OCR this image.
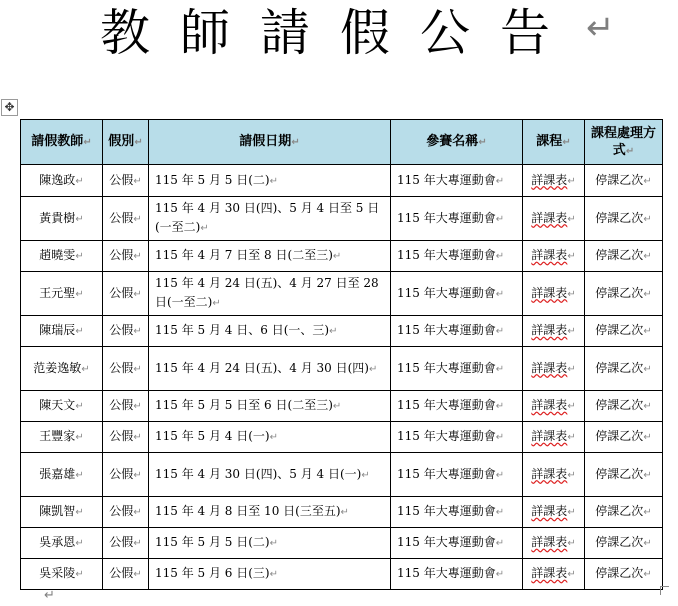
教師請假公告 ↵
✥
請假教師↵	假別↵	請假日期↵	參賽名稱↵	課程↵	課程處理方式↵
陳逸政↵	公假↵	115 年 5 月 5 日(二)↵	115 年大專運動會↵	詳課表↵	停課乙次↵
黃貴樹↵	公假↵	115 年 4 月 30 日(四)、5 月 4 日至 5 日(一至二)↵	115 年大專運動會↵	詳課表↵	停課乙次↵
趙曉雯↵	公假↵	115 年 4 月 7 日至 8 日(二至三)↵	115 年大專運動會↵	詳課表↵	停課乙次↵
王元聖↵	公假↵	115 年 4 月 24 日(五)、4 月 27 日至 28 日(一至二)↵	115 年大專運動會↵	詳課表↵	停課乙次↵
陳瑞辰↵	公假↵	115 年 5 月 4 日、6 日(一、三)↵	115 年大專運動會↵	詳課表↵	停課乙次↵
范姜逸敏↵	公假↵	115 年 4 月 24 日(五)、4 月 30 日(四)↵	115 年大專運動會↵	詳課表↵	停課乙次↵
陳天文↵	公假↵	115 年 5 月 5 日至 6 日(二至三)↵	115 年大專運動會↵	詳課表↵	停課乙次↵
王豐家↵	公假↵	115 年 5 月 4 日(一)↵	115 年大專運動會↵	詳課表↵	停課乙次↵
張嘉雄↵	公假↵	115 年 4 月 30 日(四)、5 月 4 日(一)↵	115 年大專運動會↵	詳課表↵	停課乙次↵
陳凱智↵	公假↵	115 年 4 月 8 日至 10 日(三至五)↵	115 年大專運動會↵	詳課表↵	停課乙次↵
吳承恩↵	公假↵	115 年 5 月 5 日(二)↵	115 年大專運動會↵	詳課表↵	停課乙次↵
吳采陵↵	公假↵	115 年 5 月 6 日(三)↵	115 年大專運動會↵	詳課表↵	停課乙次↵
↵
